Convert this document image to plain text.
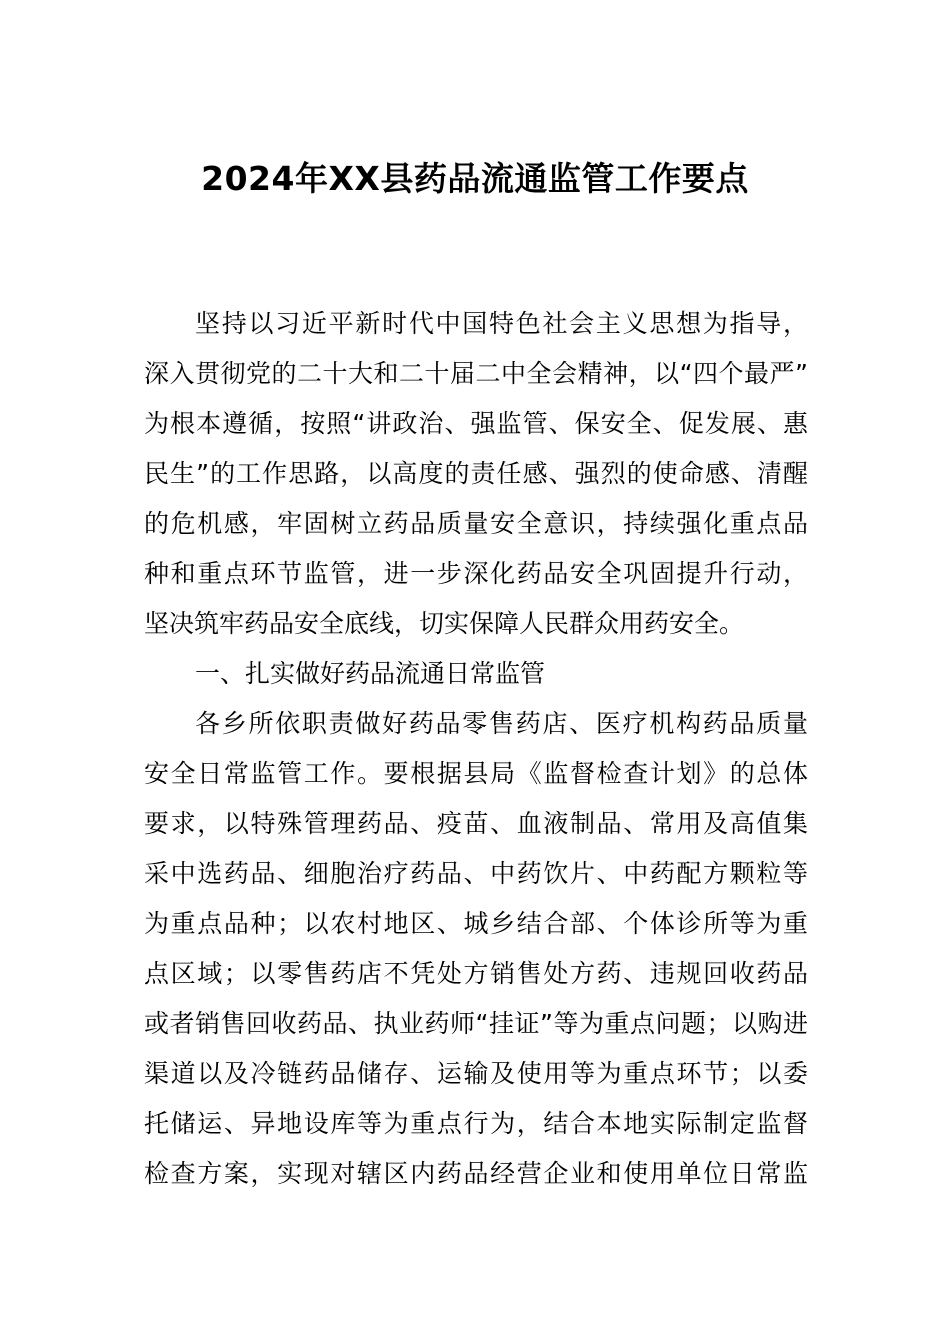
2024年XX县药品流通监管工作要点
坚持以习近平新时代中国特色社会主义思想为指导，
深入贯彻党的二十大和二十届二中全会精神，以“四个最严”
为根本遵循，按照“讲政治、强监管、保安全、促发展、惠
民生”的工作思路，以高度的责任感、强烈的使命感、清醒
的危机感，牢固树立药品质量安全意识，持续强化重点品
种和重点环节监管，进一步深化药品安全巩固提升行动，
坚决筑牢药品安全底线，切实保障人民群众用药安全。
一、扎实做好药品流通日常监管
各乡所依职责做好药品零售药店、医疗机构药品质量
安全日常监管工作。要根据县局《监督检查计划》的总体
要求，以特殊管理药品、疫苗、血液制品、常用及高值集
采中选药品、细胞治疗药品、中药饮片、中药配方颗粒等
为重点品种；以农村地区、城乡结合部、个体诊所等为重
点区域；以零售药店不凭处方销售处方药、违规回收药品
或者销售回收药品、执业药师“挂证”等为重点问题；以购进
渠道以及冷链药品储存、运输及使用等为重点环节；以委
托储运、异地设库等为重点行为，结合本地实际制定监督
检查方案，实现对辖区内药品经营企业和使用单位日常监
